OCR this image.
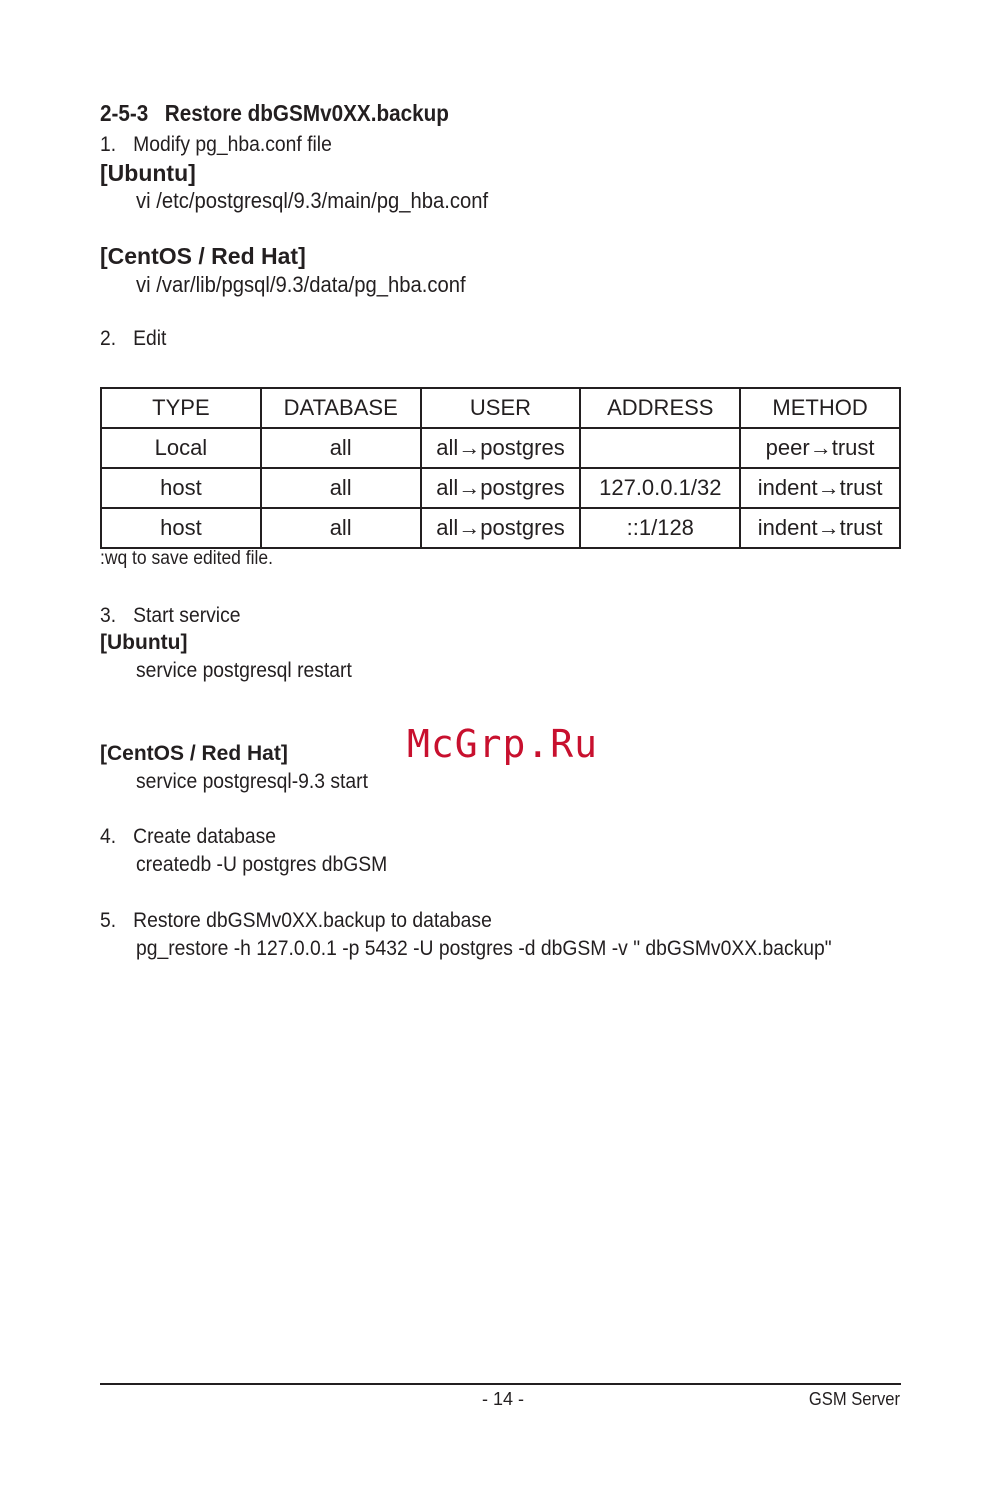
2-5-3 Restore dbGSMv0XX.backup
1. Modify pg_hba.conf file
[Ubuntu]
vi /etc/postgresql/9.3/main/pg_hba.conf
[CentOS / Red Hat]
vi /var/lib/pgsql/9.3/data/pg_hba.conf
2. Edit
TYPE	DATABASE	USER	ADDRESS	METHOD
Local	all	all→postgres		peer→trust
host	all	all→postgres	127.0.0.1/32	indent→trust
host	all	all→postgres	::1/128	indent→trust
:wq to save edited file.
3. Start service
[Ubuntu]
service postgresql restart
[CentOS / Red Hat]
service postgresql-9.3 start
McGrp.Ru
4. Create database
createdb -U postgres dbGSM
5. Restore dbGSMv0XX.backup to database
pg_restore -h 127.0.0.1 -p 5432 -U postgres -d dbGSM -v " dbGSMv0XX.backup"
- 14 -	GSM Server
